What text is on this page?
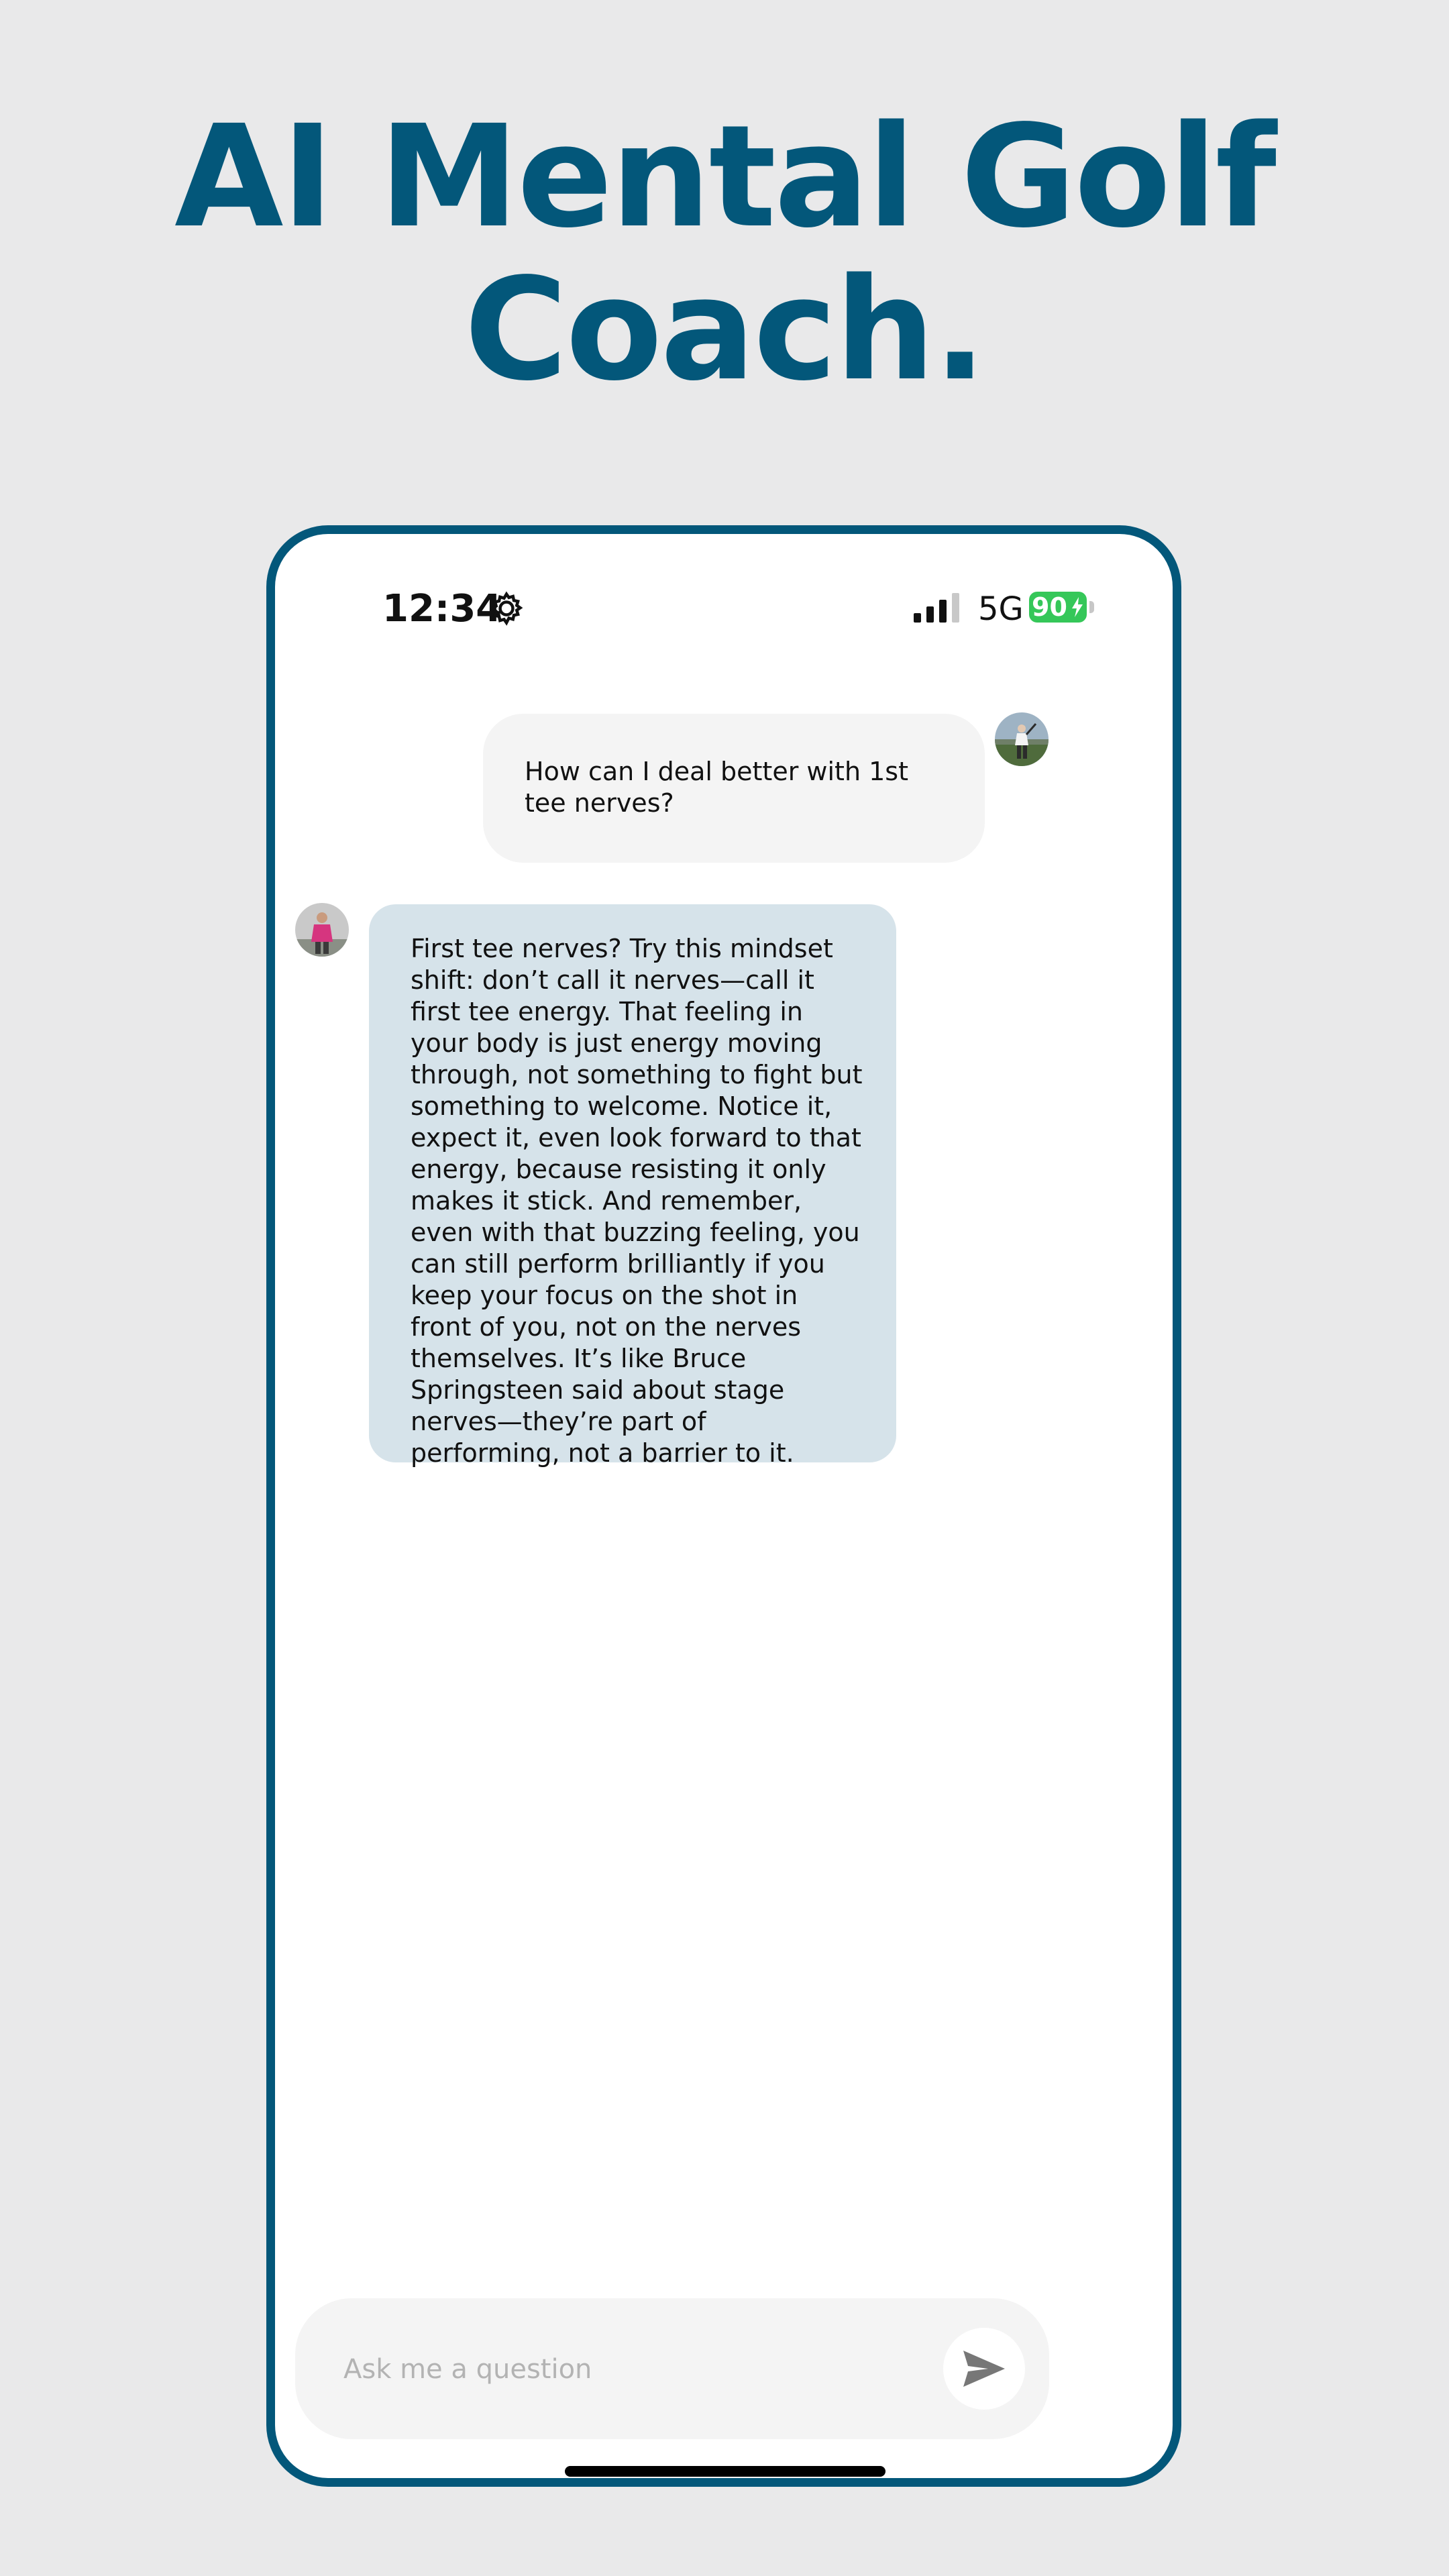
AI Mental Golf
Coach.
12:34	5G 90
How can I deal better with 1st tee nerves?
First tee nerves? Try this mindset shift: don’t call it nerves—call it first tee energy. That feeling in your body is just energy moving through, not something to fight but something to welcome. Notice it, expect it, even look forward to that energy, because resisting it only makes it stick. And remember, even with that buzzing feeling, you can still perform brilliantly if you keep your focus on the shot in front of you, not on the nerves themselves. It’s like Bruce Springsteen said about stage nerves—they’re part of performing, not a barrier to it.
Ask me a question
